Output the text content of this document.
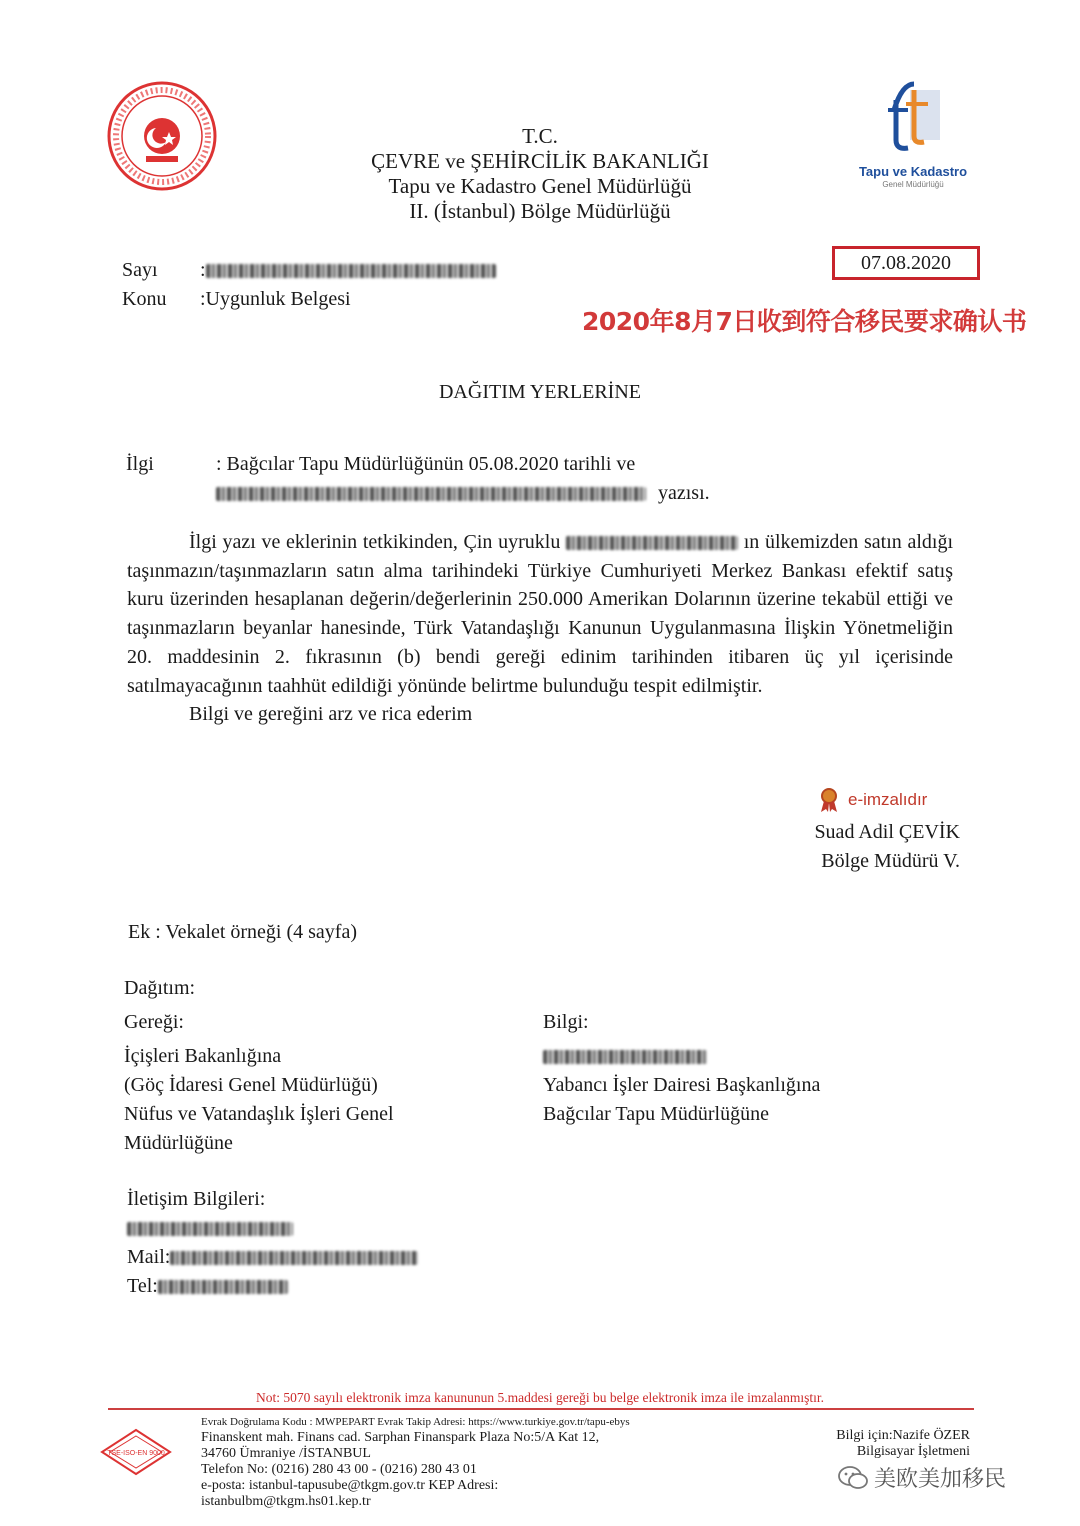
T.C.
ÇEVRE ve ŞEHİRCİLİK BAKANLIĞI
Tapu ve Kadastro Genel Müdürlüğü
II. (İstanbul) Bölge Müdürlüğü
Tapu ve Kadastro
Genel Müdürlüğü
Sayı	:
Konu	:Uygunluk Belgesi
07.08.2020
2020年8月7日收到符合移民要求确认书
DAĞITIM YERLERİNE
İlgi	: Bağcılar Tapu Müdürlüğünün 05.08.2020 tarihli ve
yazısı.

İlgi yazı ve eklerinin tetkikinden, Çin uyruklu	ın ülkemizden satın aldığı taşınmazın/taşınmazların satın alma tarihindeki Türkiye Cumhuriyeti Merkez Bankası efektif satış kuru üzerinden hesaplanan değerin/değerlerinin 250.000 Amerikan Dolarının üzerine tekabül ettiği ve taşınmazların beyanlar hanesinde, Türk Vatandaşlığı Kanunun Uygulanmasına İlişkin Yönetmeliğin 20. maddesinin 2. fıkrasının (b) bendi gereği edinim tarihinden itibaren üç yıl içerisinde satılmayacağının taahhüt edildiği yönünde belirtme bulunduğu tespit edilmiştir.

Bilgi ve gereğini arz ve rica ederim

e-imzalıdır
Suad Adil ÇEVİK
Bölge Müdürü V.
Ek : Vekalet örneği (4 sayfa)
Dağıtım:
Gereği:
İçişleri Bakanlığına
(Göç İdaresi Genel Müdürlüğü)
Nüfus ve Vatandaşlık İşleri Genel
Müdürlüğüne
Bilgi:
Yabancı İşler Dairesi Başkanlığına
Bağcılar Tapu Müdürlüğüne
İletişim Bilgileri:
Mail:
Tel:
Not: 5070 sayılı elektronik imza kanununun 5.maddesi gereği bu belge elektronik imza ile imzalanmıştır.
TSE-ISO-EN 9000
Evrak Doğrulama Kodu : MWPEPART Evrak Takip Adresi: https://www.turkiye.gov.tr/tapu-ebys
Finanskent mah. Finans cad. Sarphan Finanspark Plaza No:5/A Kat 12,
34760 Ümraniye /İSTANBUL
Telefon No: (0216) 280 43 00 - (0216) 280 43 01
e-posta: istanbul-tapusube@tkgm.gov.tr KEP Adresi:
istanbulbm@tkgm.hs01.kep.tr
Bilgi için:Nazife ÖZER
Bilgisayar İşletmeni
美欧美加移民
